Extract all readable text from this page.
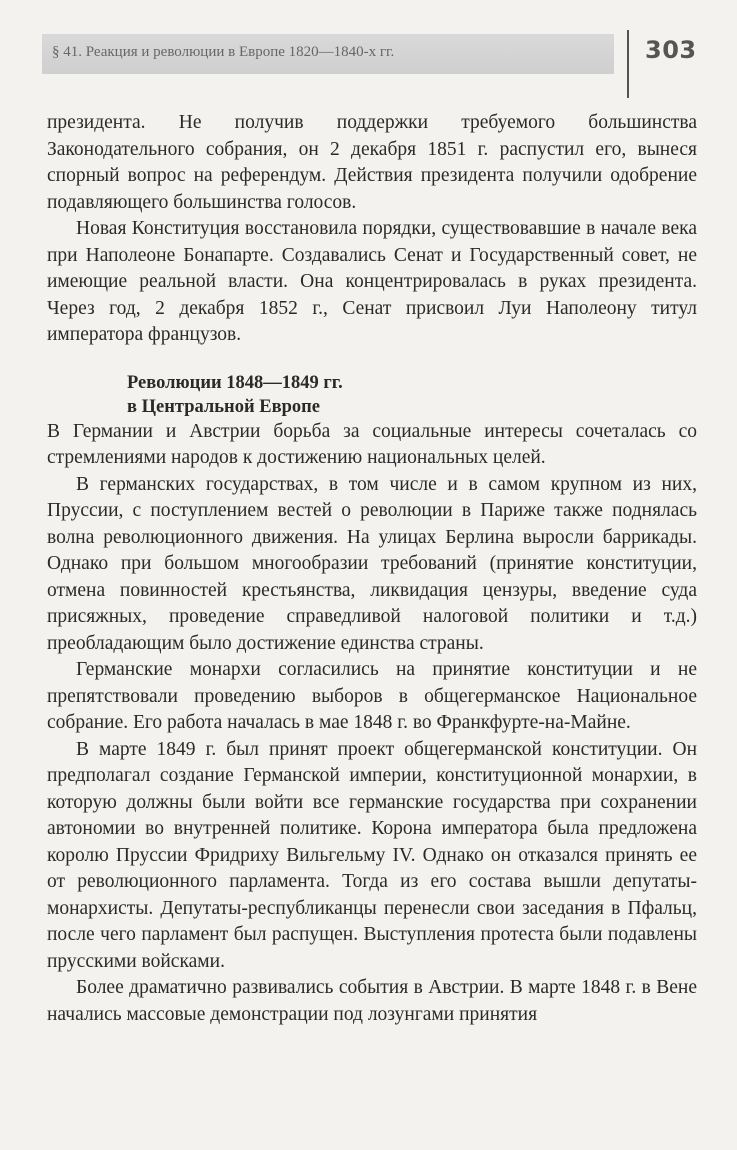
§ 41. Реакция и революции в Европе 1820—1840-х гг.	303

президента. Не получив поддержки требуемого большинства Законодательного собрания, он 2 декабря 1851 г. распустил его, вынеся спорный вопрос на референдум. Действия президента получили одобрение подавляющего большинства голосов.

Новая Конституция восстановила порядки, существовавшие в начале века при Наполеоне Бонапарте. Создавались Сенат и Государственный совет, не имеющие реальной власти. Она концентрировалась в руках президента. Через год, 2 декабря 1852 г., Сенат присвоил Луи Наполеону титул императора французов.

Революции 1848—1849 гг.
в Центральной Европе

В Германии и Австрии борьба за социальные интересы сочеталась со стремлениями народов к достижению национальных целей.

В германских государствах, в том числе и в самом крупном из них, Пруссии, с поступлением вестей о революции в Париже также поднялась волна революционного движения. На улицах Берлина выросли баррикады. Однако при большом многообразии требований (принятие конституции, отмена повинностей крестьянства, ликвидация цензуры, введение суда присяжных, проведение справедливой налоговой политики и т.д.) преобладающим было достижение единства страны.

Германские монархи согласились на принятие конституции и не препятствовали проведению выборов в общегерманское Национальное собрание. Его работа началась в мае 1848 г. во Франкфурте-на-Майне.

В марте 1849 г. был принят проект общегерманской конституции. Он предполагал создание Германской империи, конституционной монархии, в которую должны были войти все германские государства при сохранении автономии во внутренней политике. Корона императора была предложена королю Пруссии Фридриху Вильгельму IV. Однако он отказался принять ее от революционного парламента. Тогда из его состава вышли депутаты-монархисты. Депутаты-республиканцы перенесли свои заседания в Пфальц, после чего парламент был распущен. Выступления протеста были подавлены прусскими войсками.

Более драматично развивались события в Австрии. В марте 1848 г. в Вене начались массовые демонстрации под лозунгами принятия
